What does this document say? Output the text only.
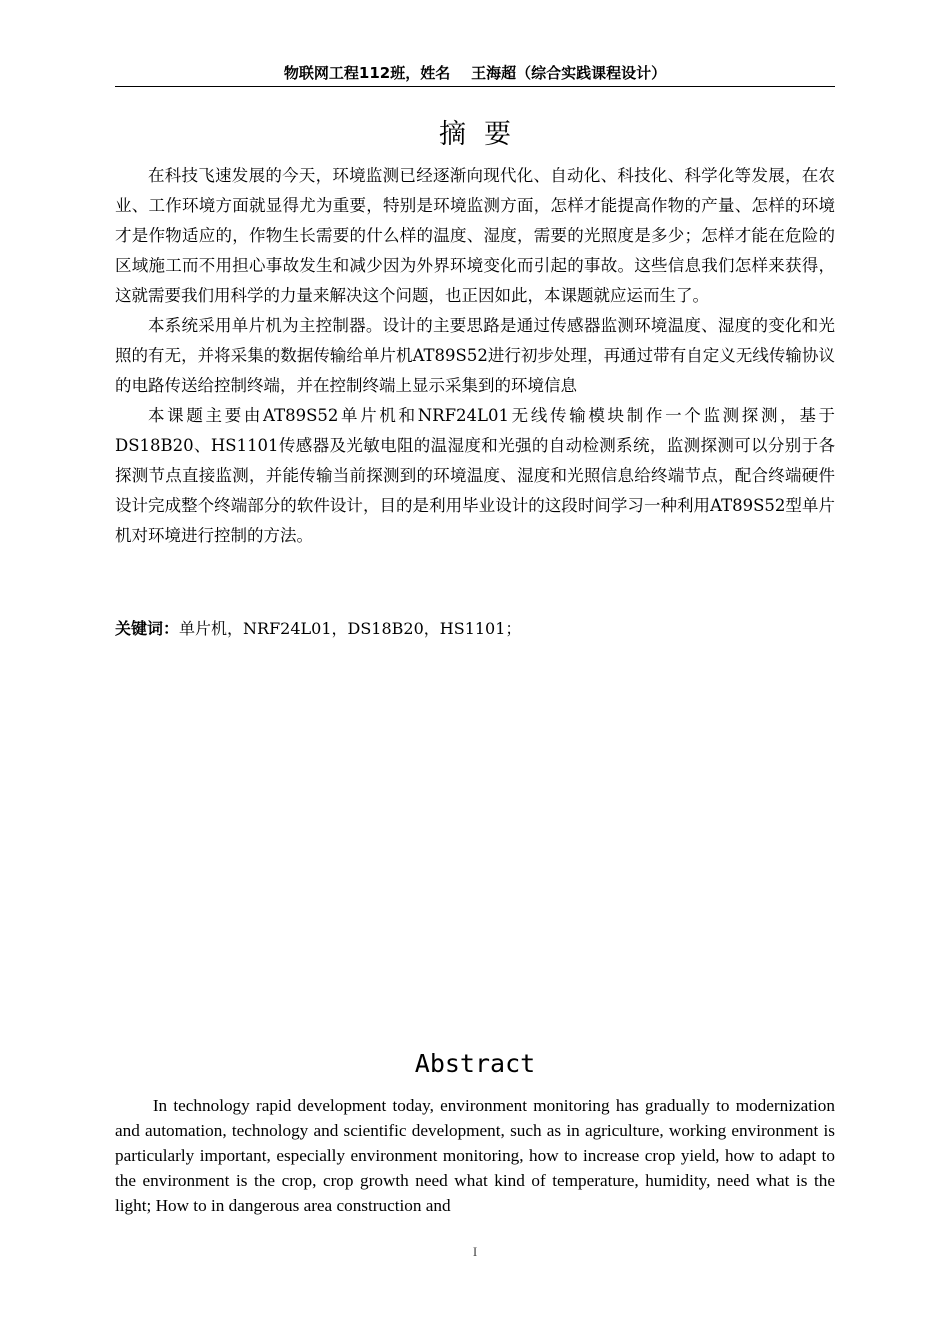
物联网工程112班，姓名    王海超（综合实践课程设计）
摘要

在科技飞速发展的今天，环境监测已经逐渐向现代化、自动化、科技化、科学化等发展，在农业、工作环境方面就显得尤为重要，特别是环境监测方面，怎样才能提高作物的产量、怎样的环境才是作物适应的，作物生长需要的什么样的温度、湿度，需要的光照度是多少；怎样才能在危险的区域施工而不用担心事故发生和减少因为外界环境变化而引起的事故。这些信息我们怎样来获得，这就需要我们用科学的力量来解决这个问题，也正因如此，本课题就应运而生了。

本系统采用单片机为主控制器。设计的主要思路是通过传感器监测环境温度、湿度的变化和光照的有无，并将采集的数据传输给单片机AT89S52进行初步处理，再通过带有自定义无线传输协议的电路传送给控制终端，并在控制终端上显示采集到的环境信息

本课题主要由AT89S52单片机和NRF24L01无线传输模块制作一个监测探测，基于DS18B20、HS1101传感器及光敏电阻的温湿度和光强的自动检测系统，监测探测可以分别于各探测节点直接监测，并能传输当前探测到的环境温度、湿度和光照信息给终端节点，配合终端硬件设计完成整个终端部分的软件设计，目的是利用毕业设计的这段时间学习一种利用AT89S52型单片机对环境进行控制的方法。

关键词：单片机，NRF24L01，DS18B20，HS1101；
Abstract

In technology rapid development today, environment monitoring has gradually to modernization and automation, technology and scientific development, such as in agriculture, working environment is particularly important, especially environment monitoring, how to increase crop yield, how to adapt to the environment is the crop, crop growth need what kind of temperature, humidity, need what is the light; How to in dangerous area construction and

I
